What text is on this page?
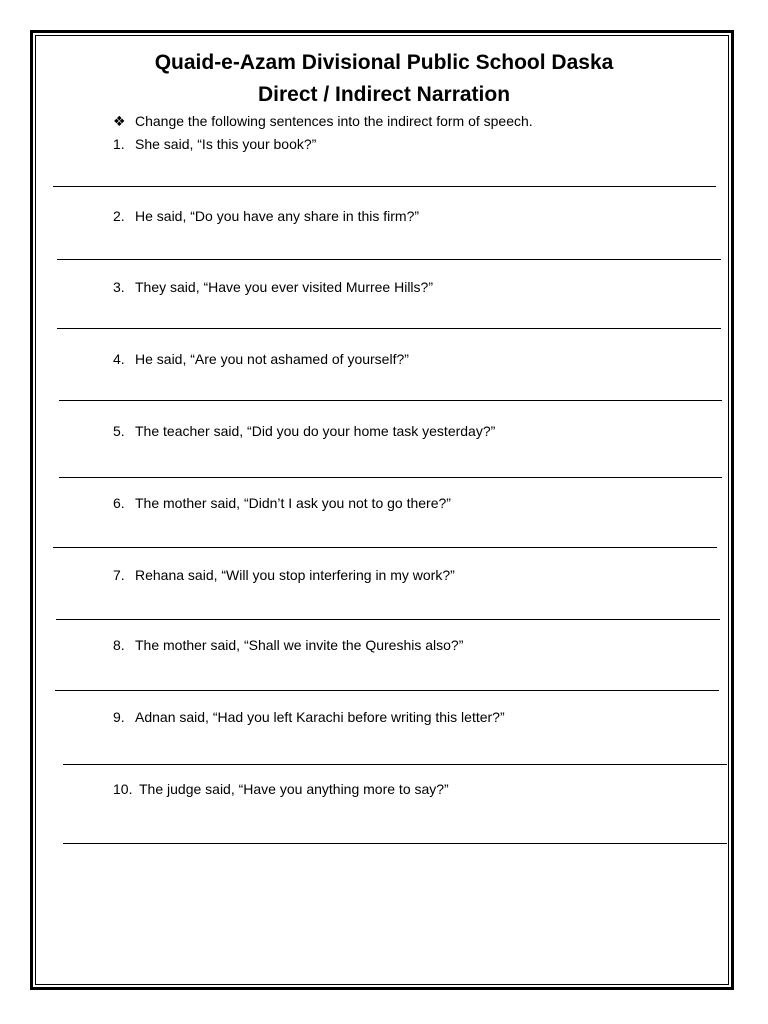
Quaid-e-Azam Divisional Public School Daska
Direct / Indirect Narration
❖ Change the following sentences into the indirect form of speech.
1. She said, “Is this your book?”
2. He said, “Do you have any share in this firm?”
3. They said, “Have you ever visited Murree Hills?”
4. He said, “Are you not ashamed of yourself?”
5. The teacher said, “Did you do your home task yesterday?”
6. The mother said, “Didn’t I ask you not to go there?”
7. Rehana said, “Will you stop interfering in my work?”
8. The mother said, “Shall we invite the Qureshis also?”
9. Adnan said, “Had you left Karachi before writing this letter?”
10. The judge said, “Have you anything more to say?”
